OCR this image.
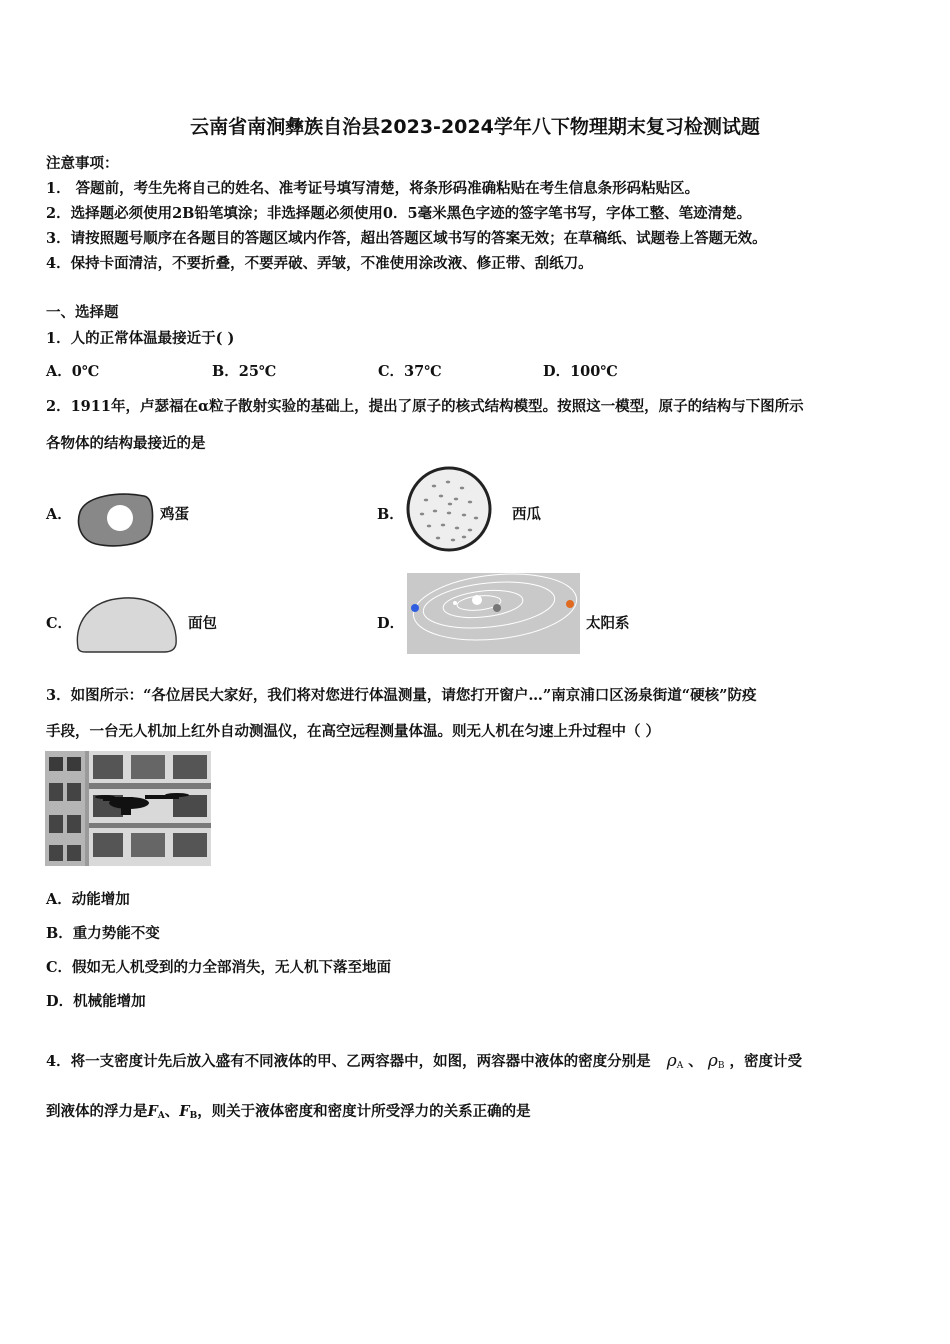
云南省南涧彝族自治县2023-2024学年八下物理期末复习检测试题
注意事项：
1． 答题前，考生先将自己的姓名、准考证号填写清楚，将条形码准确粘贴在考生信息条形码粘贴区。
2．选择题必须使用2B铅笔填涂；非选择题必须使用0．5毫米黑色字迹的签字笔书写，字体工整、笔迹清楚。
3．请按照题号顺序在各题目的答题区域内作答，超出答题区域书写的答案无效；在草稿纸、试题卷上答题无效。
4．保持卡面清洁，不要折叠，不要弄破、弄皱，不准使用涂改液、修正带、刮纸刀。
一、选择题
1．人的正常体温最接近于( )
A．0℃	B．25℃	C．37℃	D．100℃
2．1911年，卢瑟福在α粒子散射实验的基础上，提出了原子的核式结构模型。按照这一模型，原子的结构与下图所示
各物体的结构最接近的是
A．	鸡蛋	B．	西瓜
C．	面包	D．	太阳系
3．如图所示：“各位居民大家好，我们将对您进行体温测量，请您打开窗户…”南京浦口区汤泉街道“硬核”防疫
手段，一台无人机加上红外自动测温仪，在高空远程测量体温。则无人机在匀速上升过程中（ ）
A．动能增加
B．重力势能不变
C．假如无人机受到的力全部消失，无人机下落至地面
D．机械能增加
4．将一支密度计先后放入盛有不同液体的甲、乙两容器中，如图，两容器中液体的密度分别是 $\rho_A$ 、 $\rho_B$ ，密度计受
到液体的浮力是$F_A$、$F_B$，则关于液体密度和密度计所受浮力的关系正确的是
